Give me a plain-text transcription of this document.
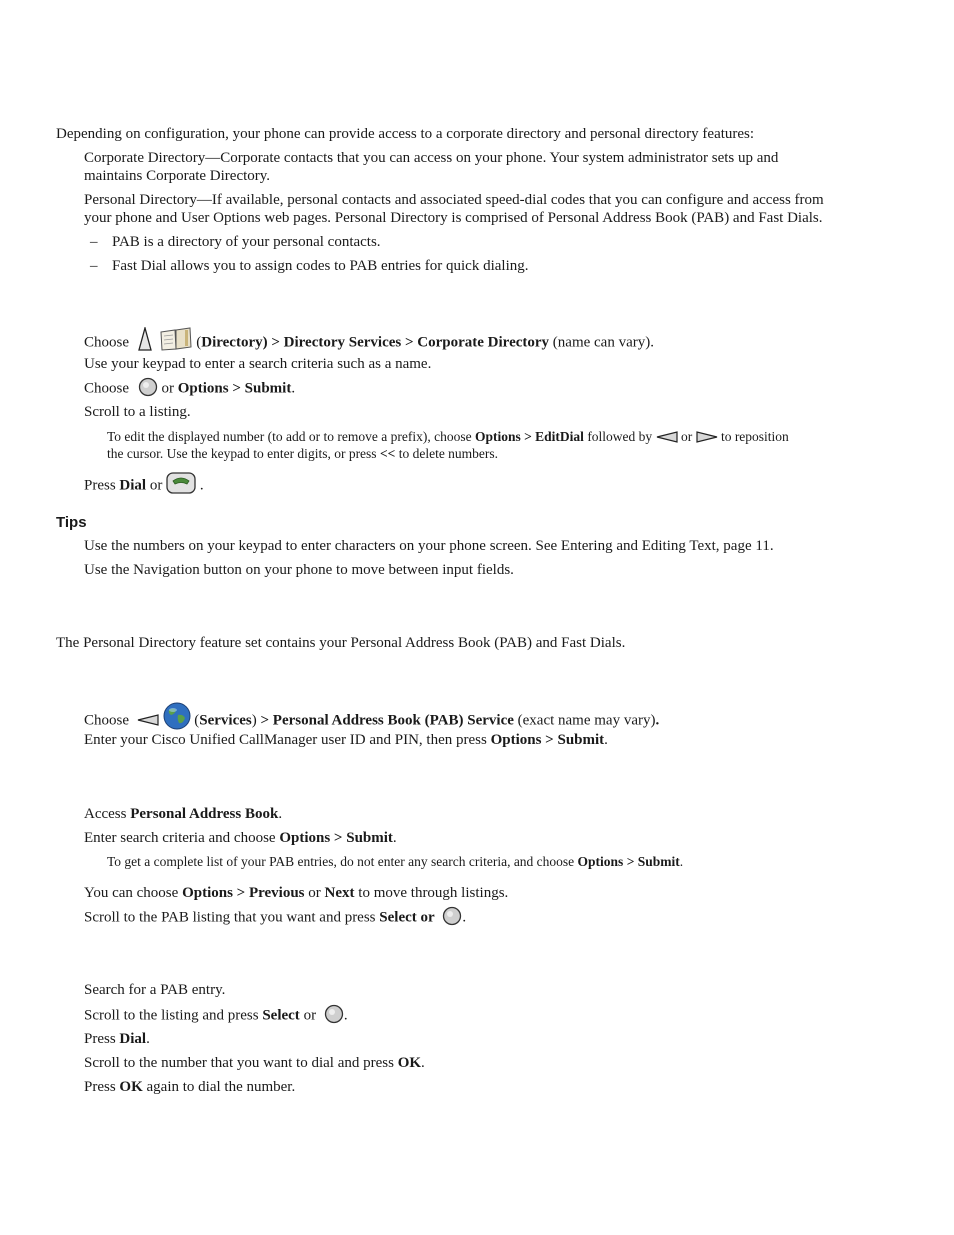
Depending on configuration, your phone can provide access to a corporate directory and personal directory features:
Corporate Directory—Corporate contacts that you can access on your phone. Your system administrator sets up and
maintains Corporate Directory.
Personal Directory—If available, personal contacts and associated speed-dial codes that you can configure and access from
your phone and User Options web pages. Personal Directory is comprised of Personal Address Book (PAB) and Fast Dials.
– PAB is a directory of your personal contacts.
– Fast Dial allows you to assign codes to PAB entries for quick dialing.
Choose
	(Directory) > Directory Services > Corporate Directory (name can vary).
Use your keypad to enter a search criteria such as a name.
Choose
or Options > Submit.
Scroll to a listing.
To edit the displayed number (to add or to remove a prefix), choose Options > EditDial followed by
or
to reposition
the cursor. Use the keypad to enter digits, or press << to delete numbers.
Press Dial or
.
Tips
Use the numbers on your keypad to enter characters on your phone screen. See Entering and Editing Text, page 11.
Use the Navigation button on your phone to move between input fields.
The Personal Directory feature set contains your Personal Address Book (PAB) and Fast Dials.
Choose
	(Services) > Personal Address Book (PAB) Service (exact name may vary).
Enter your Cisco Unified CallManager user ID and PIN, then press Options > Submit.
Access Personal Address Book.
Enter search criteria and choose Options > Submit.
To get a complete list of your PAB entries, do not enter any search criteria, and choose Options > Submit.
You can choose Options > Previous or Next to move through listings.
Scroll to the PAB listing that you want and press Select or .
Search for a PAB entry.
Scroll to the listing and press Select or
.
Press Dial.
Scroll to the number that you want to dial and press OK.
Press OK again to dial the number.
